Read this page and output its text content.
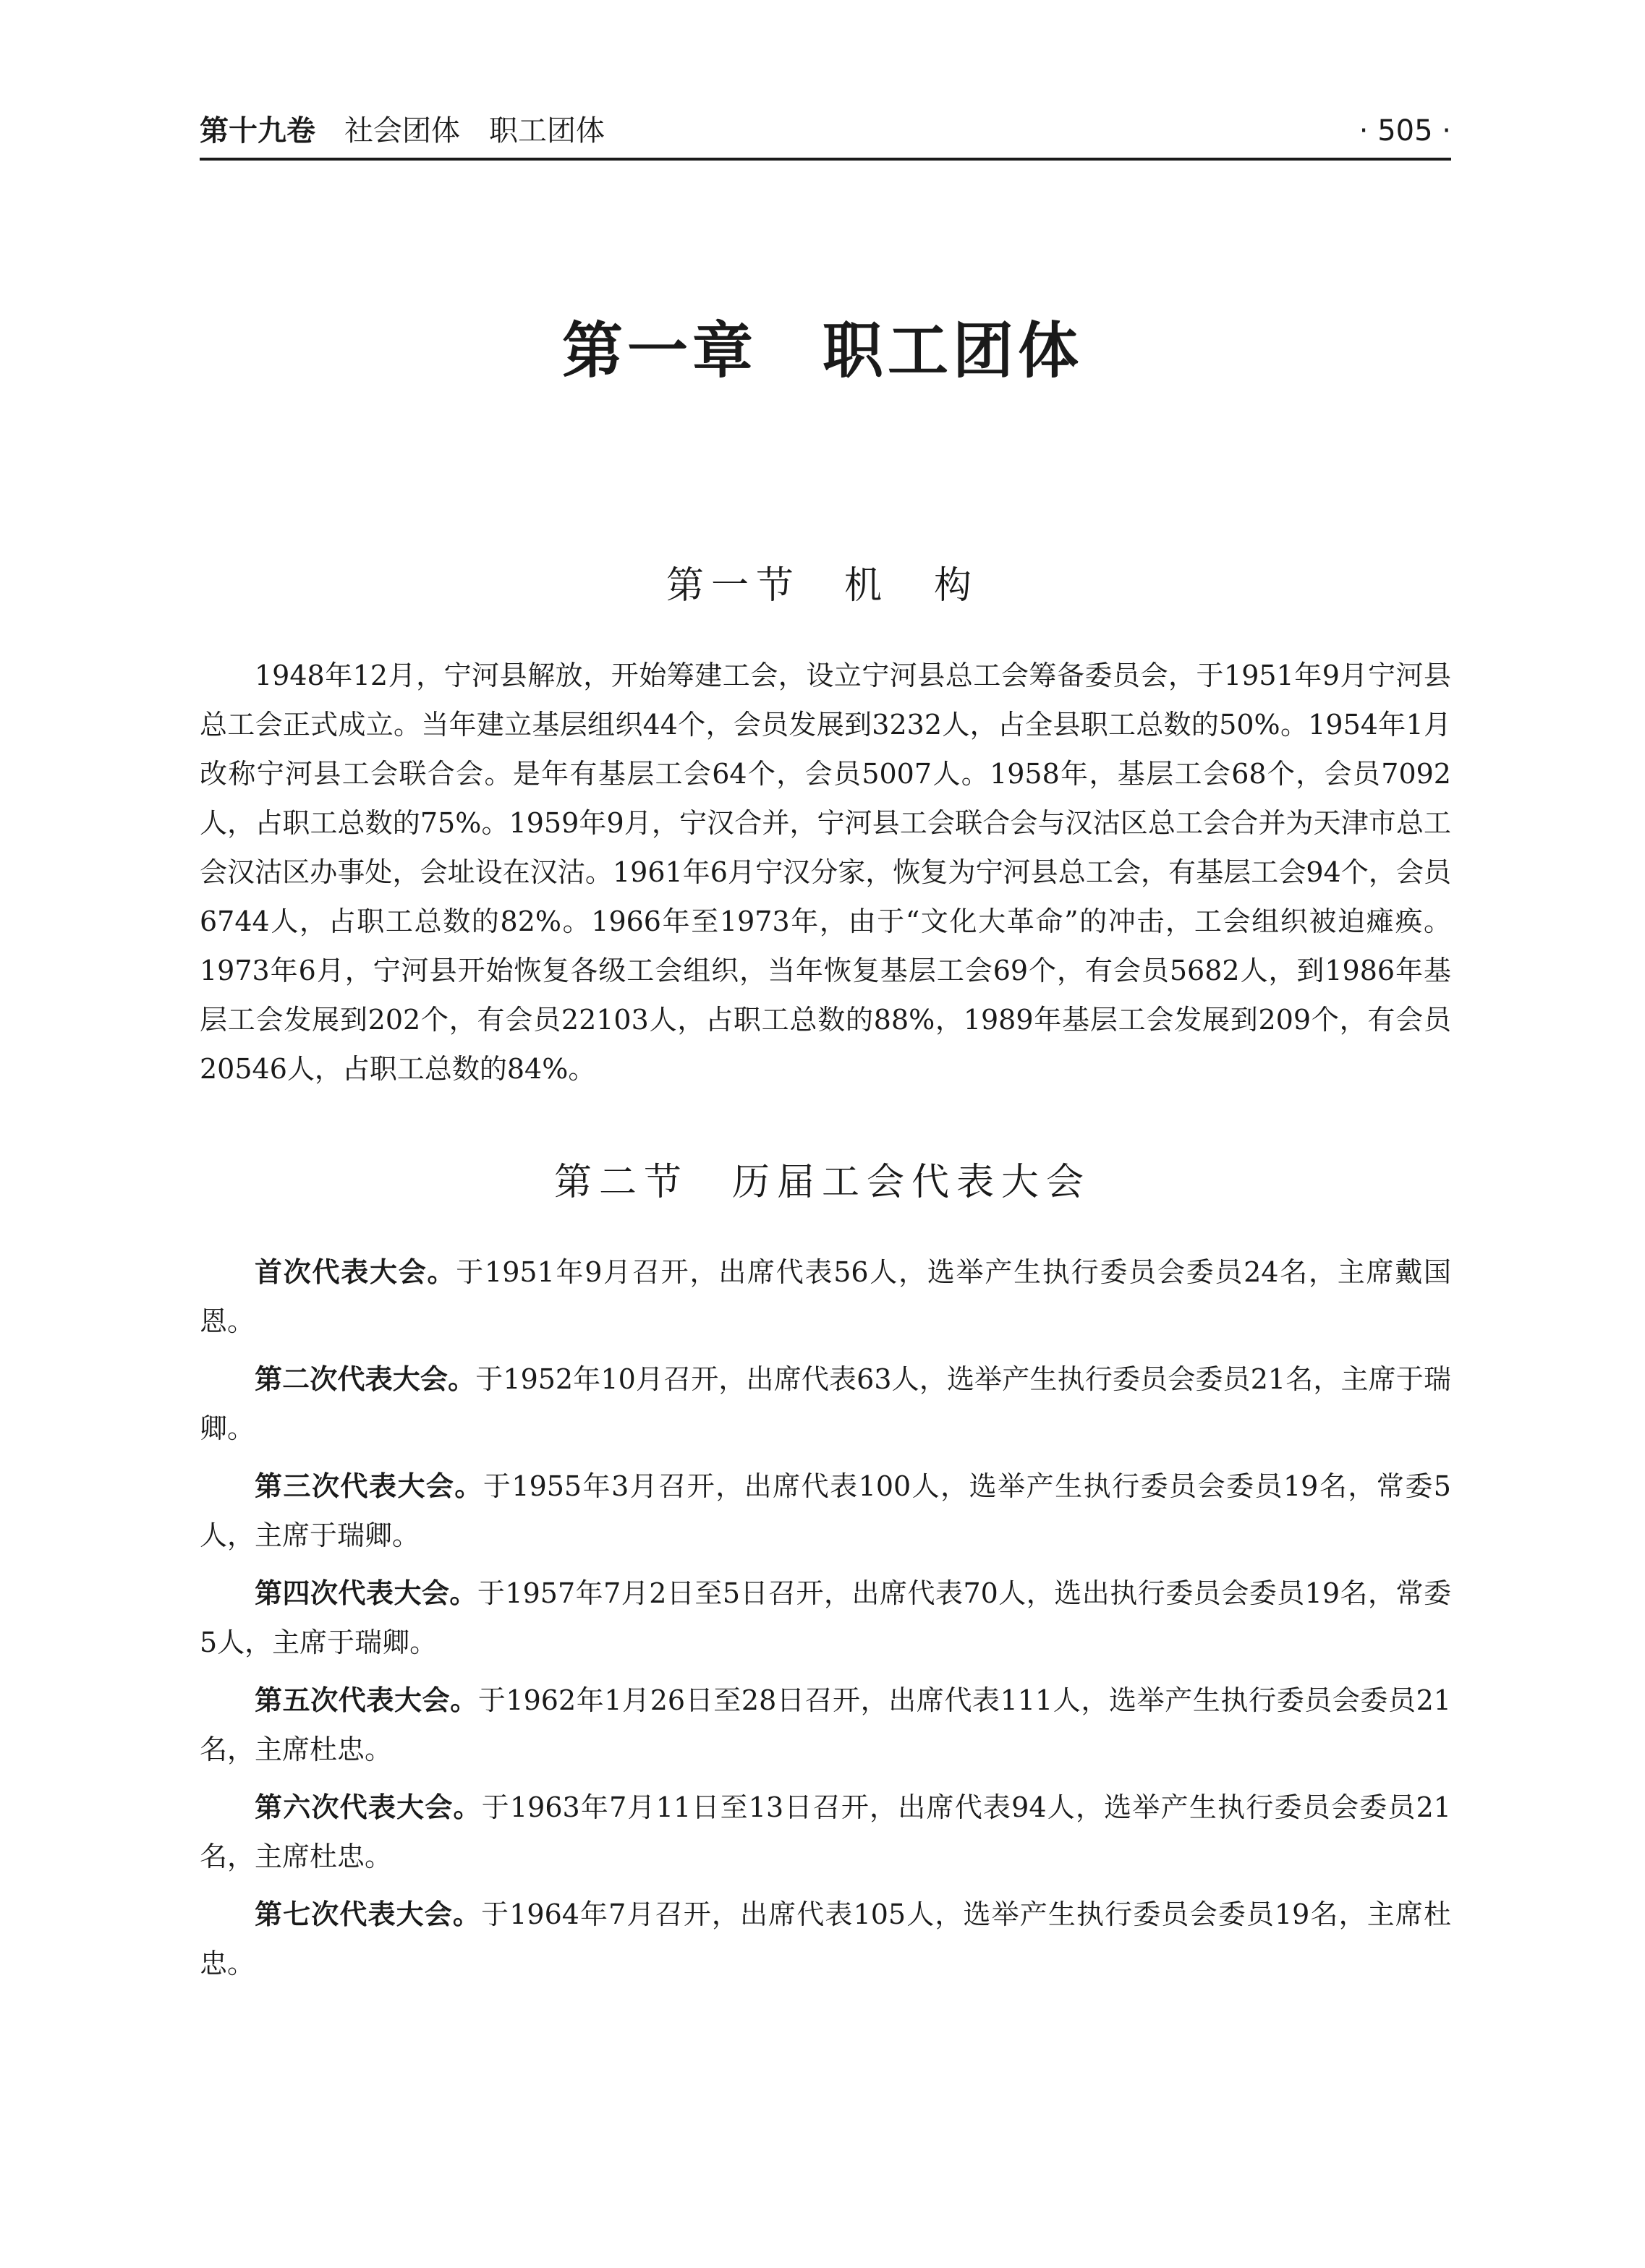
第十九卷 社会团体 职工团体	· 505 ·
第一章 职工团体
第一节 机　构

1948年12月，宁河县解放，开始筹建工会，设立宁河县总工会筹备委员会，于1951年9月宁河县总工会正式成立。当年建立基层组织44个，会员发展到3232人，占全县职工总数的50%。1954年1月改称宁河县工会联合会。是年有基层工会64个，会员5007人。1958年，基层工会68个，会员7092人，占职工总数的75%。1959年9月，宁汉合并，宁河县工会联合会与汉沽区总工会合并为天津市总工会汉沽区办事处，会址设在汉沽。1961年6月宁汉分家，恢复为宁河县总工会，有基层工会94个，会员6744人，占职工总数的82%。1966年至1973年，由于“文化大革命”的冲击，工会组织被迫瘫痪。1973年6月，宁河县开始恢复各级工会组织，当年恢复基层工会69个，有会员5682人，到1986年基层工会发展到202个，有会员22103人，占职工总数的88%，1989年基层工会发展到209个，有会员20546人，占职工总数的84%。

第二节 历届工会代表大会

首次代表大会。于1951年9月召开，出席代表56人，选举产生执行委员会委员24名，主席戴国恩。

第二次代表大会。于1952年10月召开，出席代表63人，选举产生执行委员会委员21名，主席于瑞卿。

第三次代表大会。于1955年3月召开，出席代表100人，选举产生执行委员会委员19名，常委5人，主席于瑞卿。

第四次代表大会。于1957年7月2日至5日召开，出席代表70人，选出执行委员会委员19名，常委5人，主席于瑞卿。

第五次代表大会。于1962年1月26日至28日召开，出席代表111人，选举产生执行委员会委员21名，主席杜忠。

第六次代表大会。于1963年7月11日至13日召开，出席代表94人，选举产生执行委员会委员21名，主席杜忠。

第七次代表大会。于1964年7月召开，出席代表105人，选举产生执行委员会委员19名，主席杜忠。
